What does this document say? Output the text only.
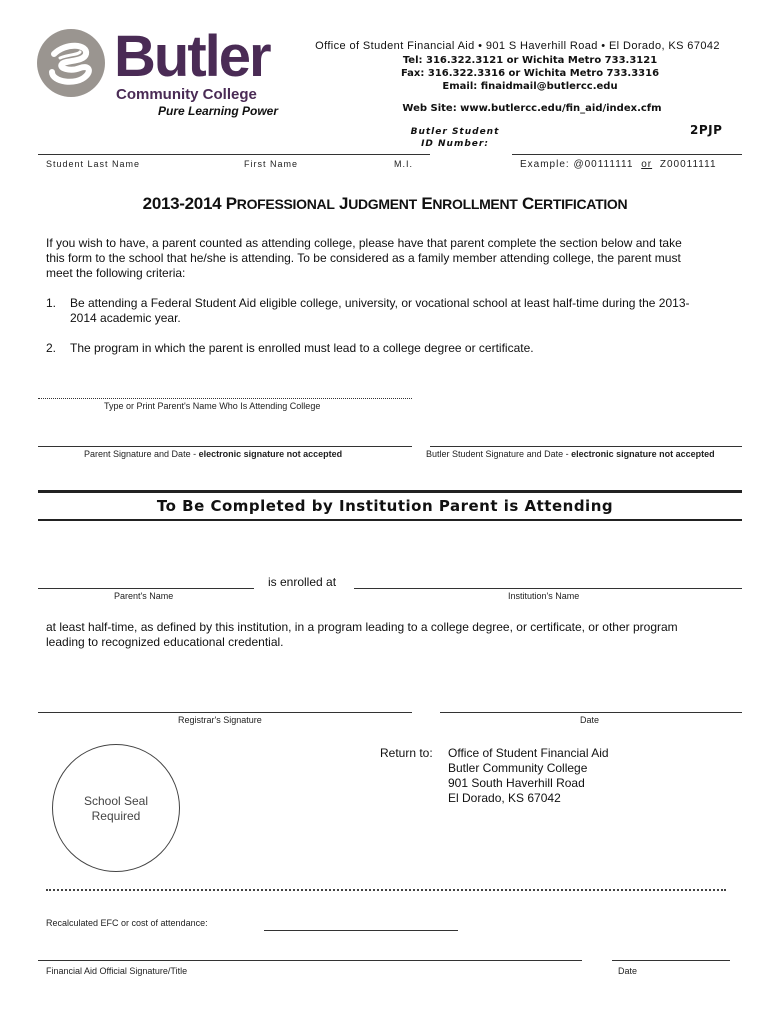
Butler
Community College
Pure Learning Power
Office of Student Financial Aid • 901 S Haverhill Road • El Dorado, KS 67042
Tel: 316.322.3121 or Wichita Metro 733.3121
Fax: 316.322.3316 or Wichita Metro 733.3316
Email: finaidmail@butlercc.edu
Web Site: www.butlercc.edu/fin_aid/index.cfm
Butler Student
ID Number:
2PJP
Student Last Name	First Name	M.I.	Example: @00111111 or Z00011111
2013-2014 PROFESSIONAL JUDGMENT ENROLLMENT CERTIFICATION
If you wish to have, a parent counted as attending college, please have that parent complete the section below and take
this form to the school that he/she is attending. To be considered as a family member attending college, the parent must
meet the following criteria:
1. Be attending a Federal Student Aid eligible college, university, or vocational school at least half-time during the 2013-
2014 academic year.
2. The program in which the parent is enrolled must lead to a college degree or certificate.
Type or Print Parent's Name Who Is Attending College
Parent Signature and Date - electronic signature not accepted	Butler Student Signature and Date - electronic signature not accepted
To Be Completed by Institution Parent is Attending
is enrolled at
Parent's Name	Institution's Name
at least half-time, as defined by this institution, in a program leading to a college degree, or certificate, or other program
leading to recognized educational credential.
Registrar's Signature	Date
School Seal
Required
Return to: Office of Student Financial Aid
Butler Community College
901 South Haverhill Road
El Dorado, KS 67042
Recalculated EFC or cost of attendance:
Financial Aid Official Signature/Title	Date
